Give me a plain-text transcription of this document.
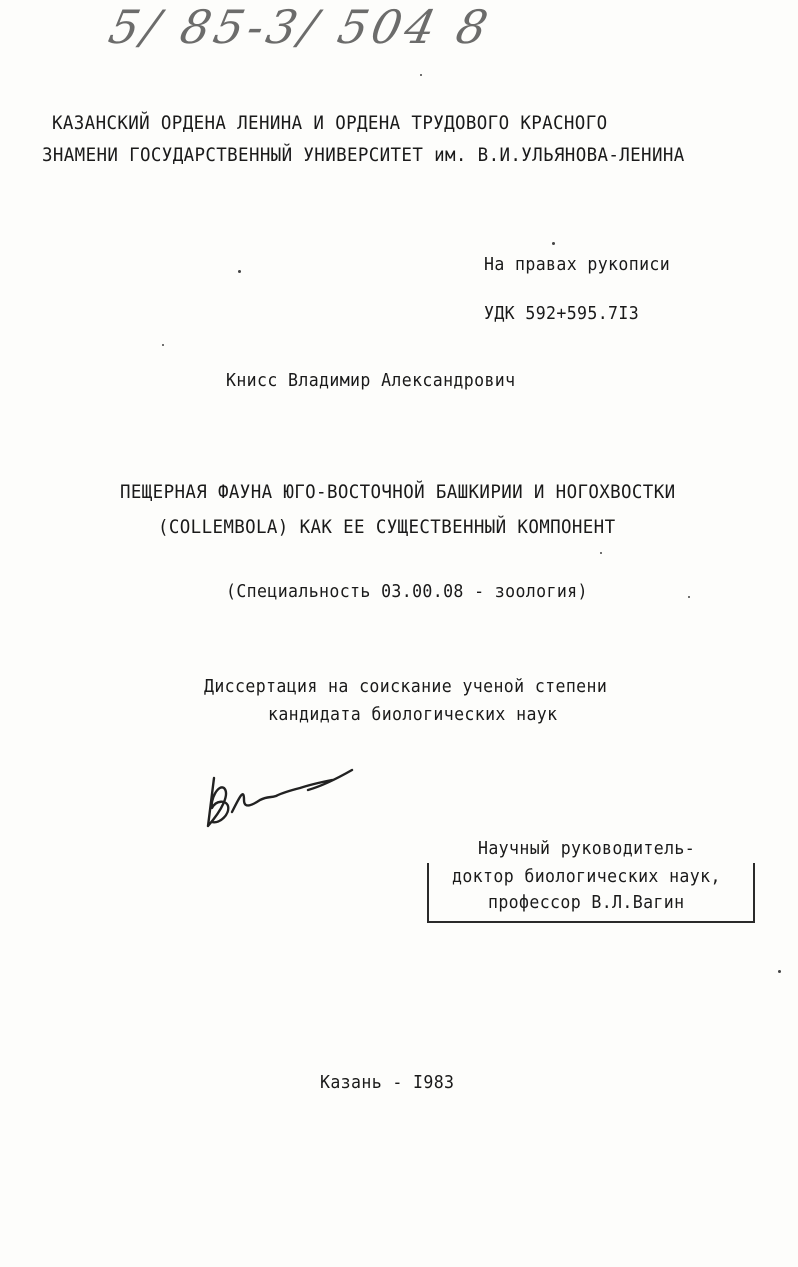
5/ 85-3/ 504 8
КАЗАНСКИЙ ОРДЕНА ЛЕНИНА И ОРДЕНА ТРУДОВОГО КРАСНОГО
ЗНАМЕНИ ГОСУДАРСТВЕННЫЙ УНИВЕРСИТЕТ им. В.И.УЛЬЯНОВА-ЛЕНИНА
На правах рукописи
УДК 592+595.7I3
Книсс Владимир Александрович
ПЕЩЕРНАЯ ФАУНА ЮГО-ВОСТОЧНОЙ БАШКИРИИ И НОГОХВОСТКИ
(COLLEMBOLA) КАК ЕЕ СУЩЕСТВЕННЫЙ КОМПОНЕНТ
(Специальность 03.00.08 - зоология)
Диссертация на соискание ученой степени
кандидата биологических наук
Научный руководитель-
доктор биологических наук,
профессор В.Л.Вагин
Казань - I983
